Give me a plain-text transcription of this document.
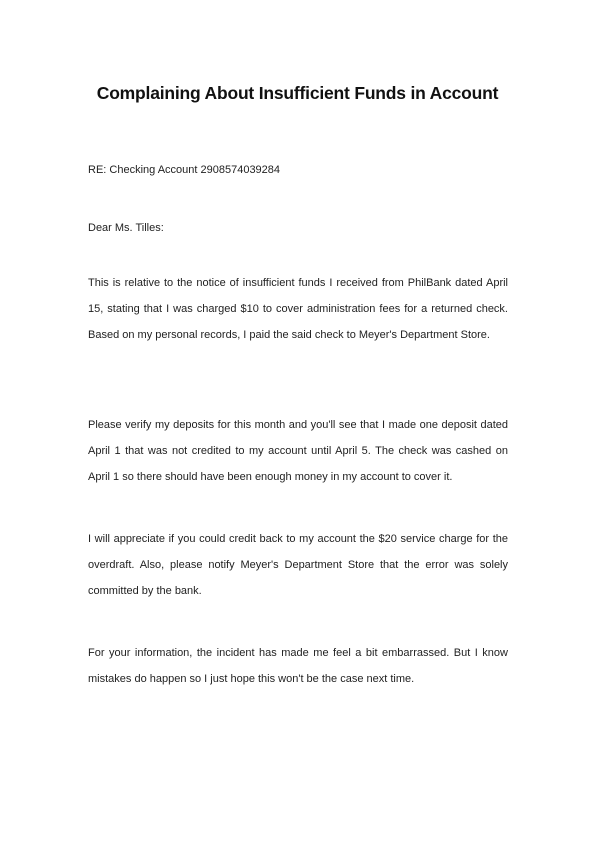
Complaining About Insufficient Funds in Account

RE: Checking Account 2908574039284

Dear Ms. Tilles:

This is relative to the notice of insufficient funds I received from PhilBank dated April 15, stating that I was charged $10 to cover administration fees for a returned check. Based on my personal records, I paid the said check to Meyer's Department Store.

Please verify my deposits for this month and you'll see that I made one deposit dated April 1 that was not credited to my account until April 5. The check was cashed on April 1 so there should have been enough money in my account to cover it.

I will appreciate if you could credit back to my account the $20 service charge for the overdraft. Also, please notify Meyer's Department Store that the error was solely committed by the bank.

For your information, the incident has made me feel a bit embarrassed. But I know mistakes do happen so I just hope this won't be the case next time.
